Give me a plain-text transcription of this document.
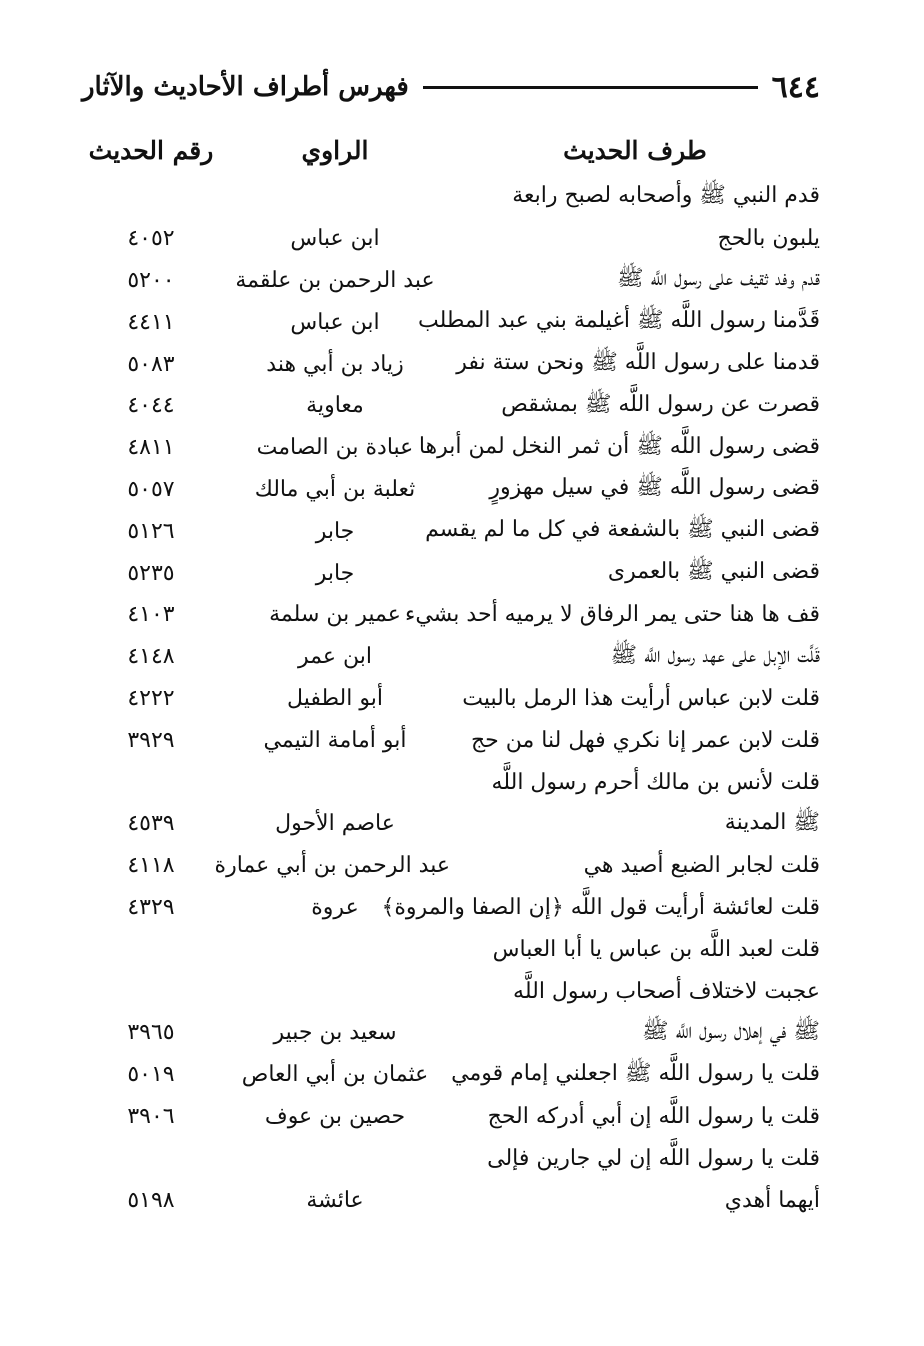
٦٤٤
فهرس أطراف الأحاديث والآثار
طرف الحديث
الراوي
رقم الحديث
قدم النبي ﷺ وأصحابه لصبح رابعة
يلبون بالحج
ابن عباس
٤٠٥٢
قدم وفد ثقيف على رسول اللَّه ﷺ
عبد الرحمن بن علقمة
٥٢٠٠
قَدَّمنا رسول اللَّه ﷺ أغيلمة بني عبد المطلب
ابن عباس
٤٤١١
قدمنا على رسول اللَّه ﷺ ونحن ستة نفر
زياد بن أبي هند
٥٠٨٣
قصرت عن رسول اللَّه ﷺ بمشقص
معاوية
٤٠٤٤
قضى رسول اللَّه ﷺ أن ثمر النخل لمن أبرها
عبادة بن الصامت
٤٨١١
قضى رسول اللَّه ﷺ في سيل مهزورٍ
ثعلبة بن أبي مالك
٥٠٥٧
قضى النبي ﷺ بالشفعة في كل ما لم يقسم
جابر
٥١٢٦
قضى النبي ﷺ بالعمرى
جابر
٥٢٣٥
قف ها هنا حتى يمر الرفاق لا يرميه أحد بشيء
عمير بن سلمة
٤١٠٣
قَلَّت الإبل على عهد رسول اللَّه ﷺ
ابن عمر
٤١٤٨
قلت لابن عباس أرأيت هذا الرمل بالبيت
أبو الطفيل
٤٢٢٢
قلت لابن عمر إنا نكري فهل لنا من حج
أبو أمامة التيمي
٣٩٢٩
قلت لأنس بن مالك أحرم رسول اللَّه
ﷺ المدينة
عاصم الأحول
٤٥٣٩
قلت لجابر الضبع أصيد هي
عبد الرحمن بن أبي عمارة
٤١١٨
قلت لعائشة أرأيت قول اللَّه ﴿إن الصفا والمروة﴾
عروة
٤٣٢٩
قلت لعبد اللَّه بن عباس يا أبا العباس
عجبت لاختلاف أصحاب رسول اللَّه
ﷺ في إهلال رسول اللَّه ﷺ
سعيد بن جبير
٣٩٦٥
قلت يا رسول اللَّه ﷺ اجعلني إمام قومي
عثمان بن أبي العاص
٥٠١٩
قلت يا رسول اللَّه إن أبي أدركه الحج
حصين بن عوف
٣٩٠٦
قلت يا رسول اللَّه إن لي جارين فإلى
أيهما أهدي
عائشة
٥١٩٨
